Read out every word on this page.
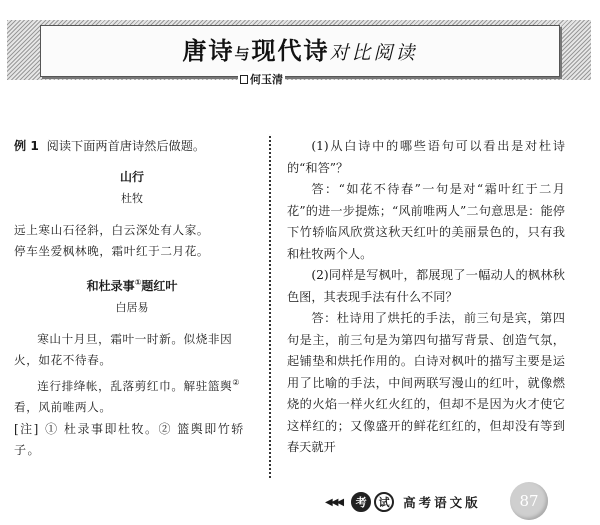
唐诗与现代诗对比阅读
何玉清

例 1 阅读下面两首唐诗然后做题。

山行
杜牧

远上寒山石径斜，白云深处有人家。

停车坐爱枫林晚，霜叶红于二月花。

和杜录事①题红叶
白居易

寒山十月旦，霜叶一时新。似烧非因火，如花不待春。

连行排绛帐，乱落剪红巾。解驻篮舆②看，风前唯两人。

[注] ① 杜录事即杜牧。② 篮舆即竹轿子。

(1)从白诗中的哪些语句可以看出是对杜诗的“和答”？

答：“如花不待春”一句是对“霜叶红于二月花”的进一步提炼；“风前唯两人”二句意思是：能停下竹轿临风欣赏这秋天红叶的美丽景色的，只有我和杜牧两个人。

(2)同样是写枫叶，都展现了一幅动人的枫林秋色图，其表现手法有什么不同？

答：杜诗用了烘托的手法，前三句是宾，第四句是主，前三句是为第四句描写背景、创造气氛，起铺垫和烘托作用的。白诗对枫叶的描写主要是运用了比喻的手法，中间两联写漫山的红叶，就像燃烧的火焰一样火红火红的，但却不是因为火才使它这样红的；又像盛开的鲜花红红的，但却没有等到春天就开

◀◀◀	考	试	高考语文版	87
